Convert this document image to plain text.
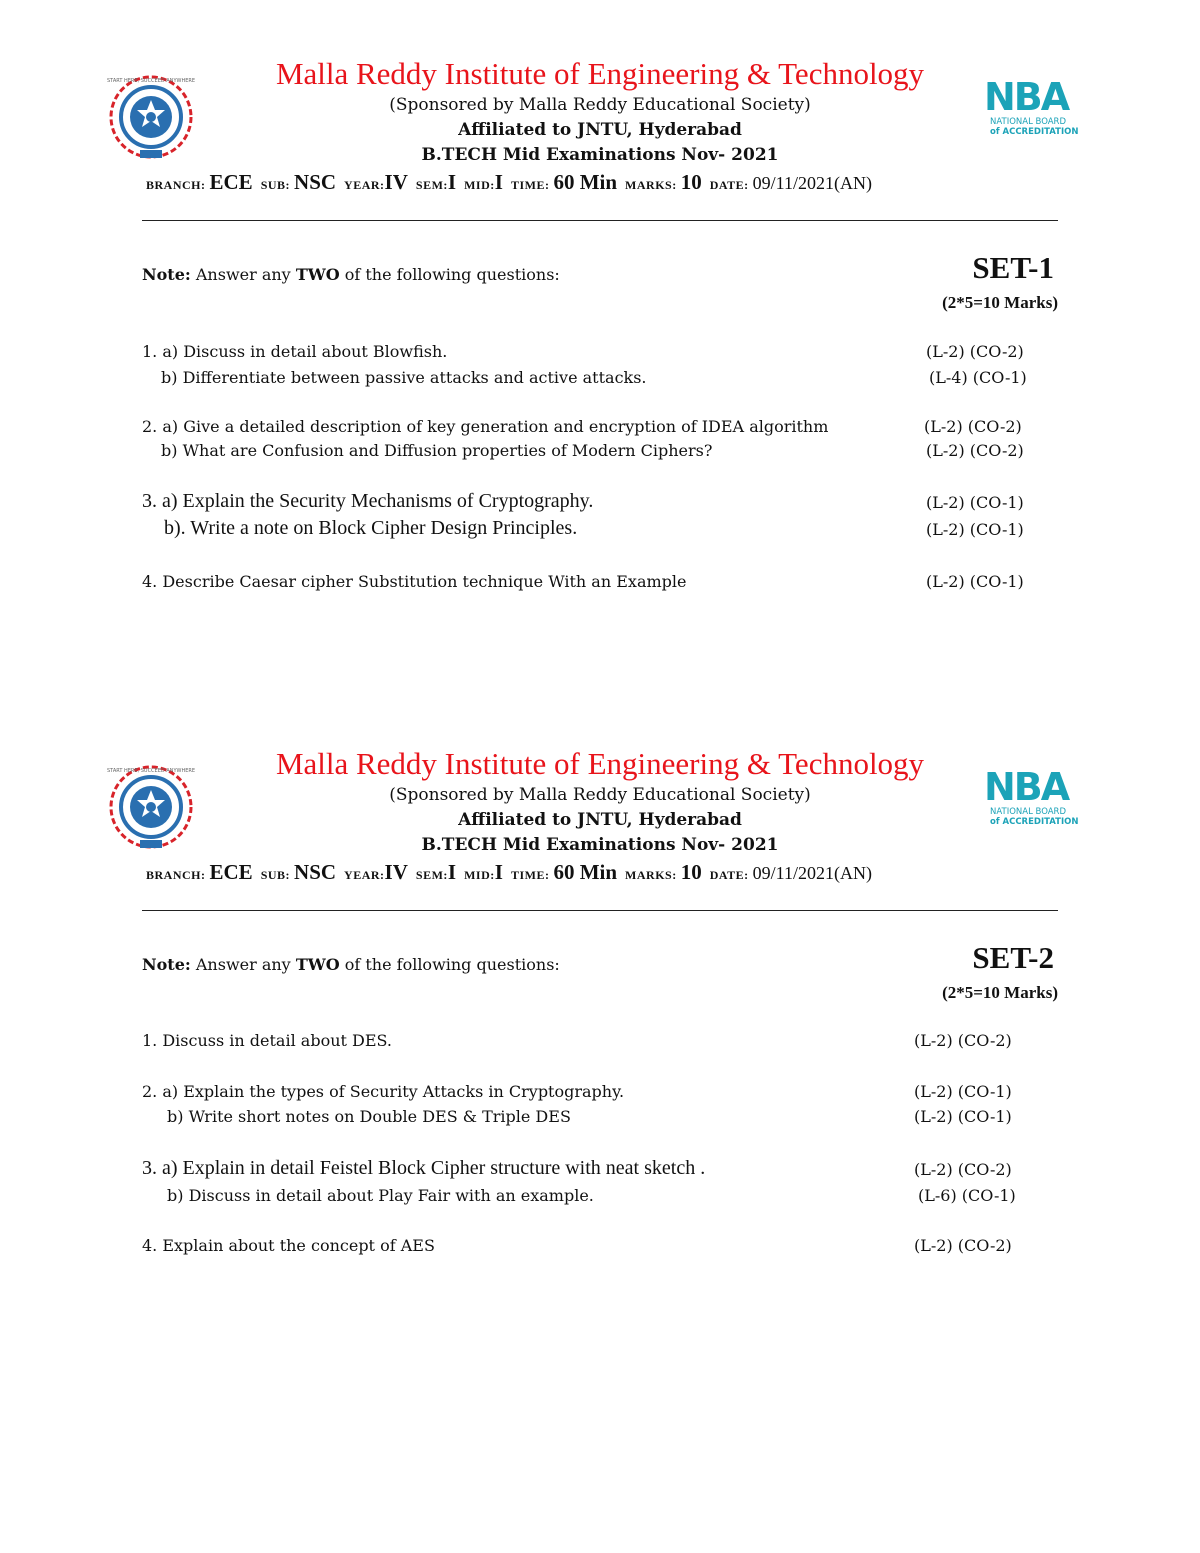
START HERE, SUCCEED ANYWHERE	Malla Reddy Institute of Engineering & Technology
(Sponsored by Malla Reddy Educational Society)
Affiliated to JNTU, Hyderabad
B.TECH Mid Examinations Nov- 2021
NBA
NATIONAL BOARD
of ACCREDITATION
BRANCH: ECE SUB: NSC YEAR:IV SEM:I MID:I TIME: 60 Min MARKS: 10 DATE: 09/11/2021(AN)
Note: Answer any TWO of the following questions:	SET-1
(2*5=10 Marks)
1. a) Discuss in detail about Blowfish.	(L-2) (CO-2)
b) Differentiate between passive attacks and active attacks.	(L-4) (CO-1)
2. a) Give a detailed description of key generation and encryption of IDEA algorithm	(L-2) (CO-2)
b) What are Confusion and Diffusion properties of Modern Ciphers?	(L-2) (CO-2)
3. a) Explain the Security Mechanisms of Cryptography.	(L-2) (CO-1)
b). Write a note on Block Cipher Design Principles.	(L-2) (CO-1)
4. Describe Caesar cipher Substitution technique With an Example	(L-2) (CO-1)
START HERE, SUCCEED ANYWHERE	Malla Reddy Institute of Engineering & Technology
(Sponsored by Malla Reddy Educational Society)
Affiliated to JNTU, Hyderabad
B.TECH Mid Examinations Nov- 2021
NBA
NATIONAL BOARD
of ACCREDITATION
BRANCH: ECE SUB: NSC YEAR:IV SEM:I MID:I TIME: 60 Min MARKS: 10 DATE: 09/11/2021(AN)
Note: Answer any TWO of the following questions:	SET-2
(2*5=10 Marks)
1. Discuss in detail about DES.	(L-2) (CO-2)
2. a) Explain the types of Security Attacks in Cryptography.	(L-2) (CO-1)
b) Write short notes on Double DES & Triple DES	(L-2) (CO-1)
3. a) Explain in detail Feistel Block Cipher structure with neat sketch .	(L-2) (CO-2)
b) Discuss in detail about Play Fair with an example.	(L-6) (CO-1)
4. Explain about the concept of AES	(L-2) (CO-2)
